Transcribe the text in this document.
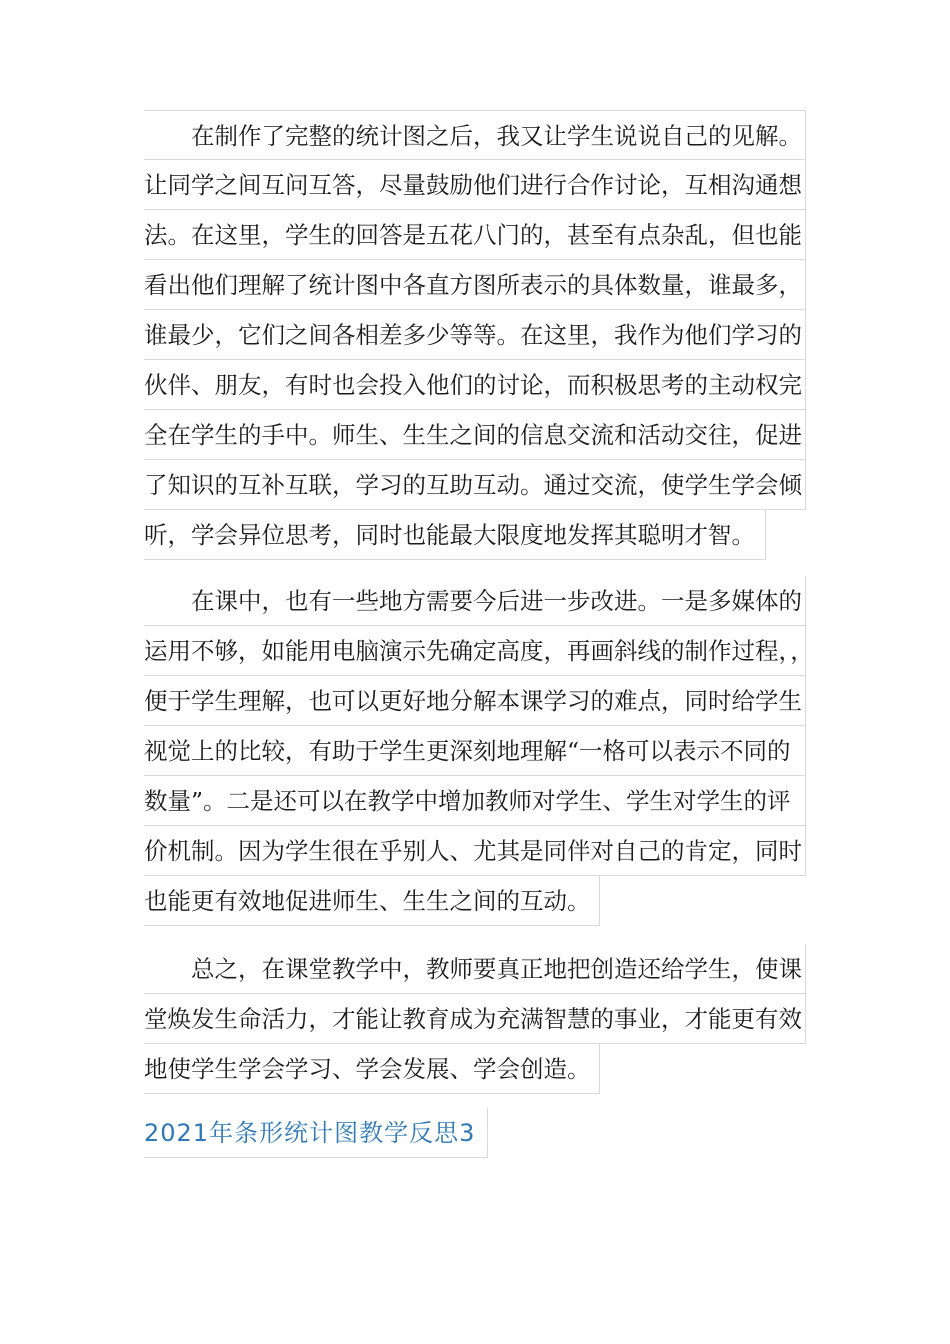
在制作了完整的统计图之后，我又让学生说说自己的见解。
让同学之间互问互答，尽量鼓励他们进行合作讨论，互相沟通想
法。在这里，学生的回答是五花八门的，甚至有点杂乱，但也能
看出他们理解了统计图中各直方图所表示的具体数量，谁最多，
谁最少，它们之间各相差多少等等。在这里，我作为他们学习的
伙伴、朋友，有时也会投入他们的讨论，而积极思考的主动权完
全在学生的手中。师生、生生之间的信息交流和活动交往，促进
了知识的互补互联，学习的互助互动。通过交流，使学生学会倾
听，学会异位思考，同时也能最大限度地发挥其聪明才智。
在课中，也有一些地方需要今后进一步改进。一是多媒体的
运用不够，如能用电脑演示先确定高度，再画斜线的制作过程，，
便于学生理解，也可以更好地分解本课学习的难点，同时给学生
视觉上的比较，有助于学生更深刻地理解“一格可以表示不同的
数量”。二是还可以在教学中增加教师对学生、学生对学生的评
价机制。因为学生很在乎别人、尤其是同伴对自己的肯定，同时
也能更有效地促进师生、生生之间的互动。
总之，在课堂教学中，教师要真正地把创造还给学生，使课
堂焕发生命活力，才能让教育成为充满智慧的事业，才能更有效
地使学生学会学习、学会发展、学会创造。
2021年条形统计图教学反思3
